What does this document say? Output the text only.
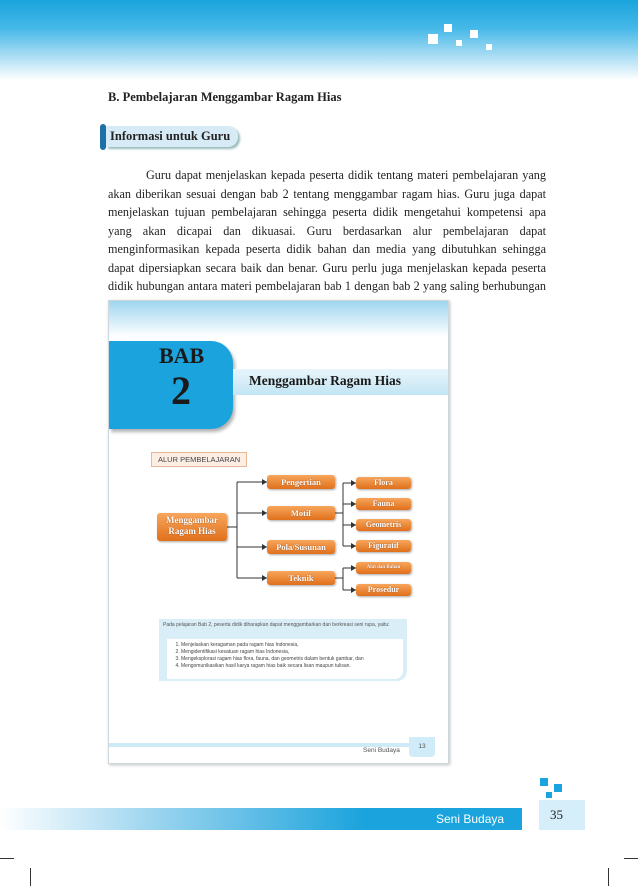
B. Pembelajaran Menggambar Ragam Hias
Informasi untuk Guru
Guru dapat menjelaskan kepada peserta didik tentang materi pembelajaran yang akan diberikan sesuai dengan bab 2 tentang menggambar ragam hias. Guru juga dapat menjelaskan tujuan pembelajaran sehingga peserta didik mengetahui kompetensi apa yang akan dicapai dan dikuasai. Guru berdasarkan alur pembelajaran dapat menginformasikan kepada peserta didik bahan dan media yang dibutuhkan sehingga dapat dipersiapkan secara baik dan benar. Guru perlu juga menjelaskan kepada peserta didik hubungan antara materi pembelajaran bab 1 dengan bab 2 yang saling berhubungan
BAB
2	Menggambar Ragam Hias
ALUR PEMBELAJARAN
Menggambar Ragam Hias
Pengertian
Motif
Pola/Susunan
Teknik
Flora
Fauna
Geometris
Figuratif
Alat dan Bahan
Prosedur
Pada pelajaran Bab 2, peserta didik diharapkan dapat menggambarkan dan berkreasi seni rupa, yaitu:
1. Menjelaskan keragaman pada ragam hias Indonesia,
2. Mengidentifikasi kesatuan ragam hias Indonesia,
3. Mengeksplorasi ragam hias flora, fauna, dan geometris dalam bentuk gambar, dan
4. Mengomunikasikan hasil karya ragam hias baik secara lisan maupun tulisan.
Seni Budaya
13
Seni Budaya	35
